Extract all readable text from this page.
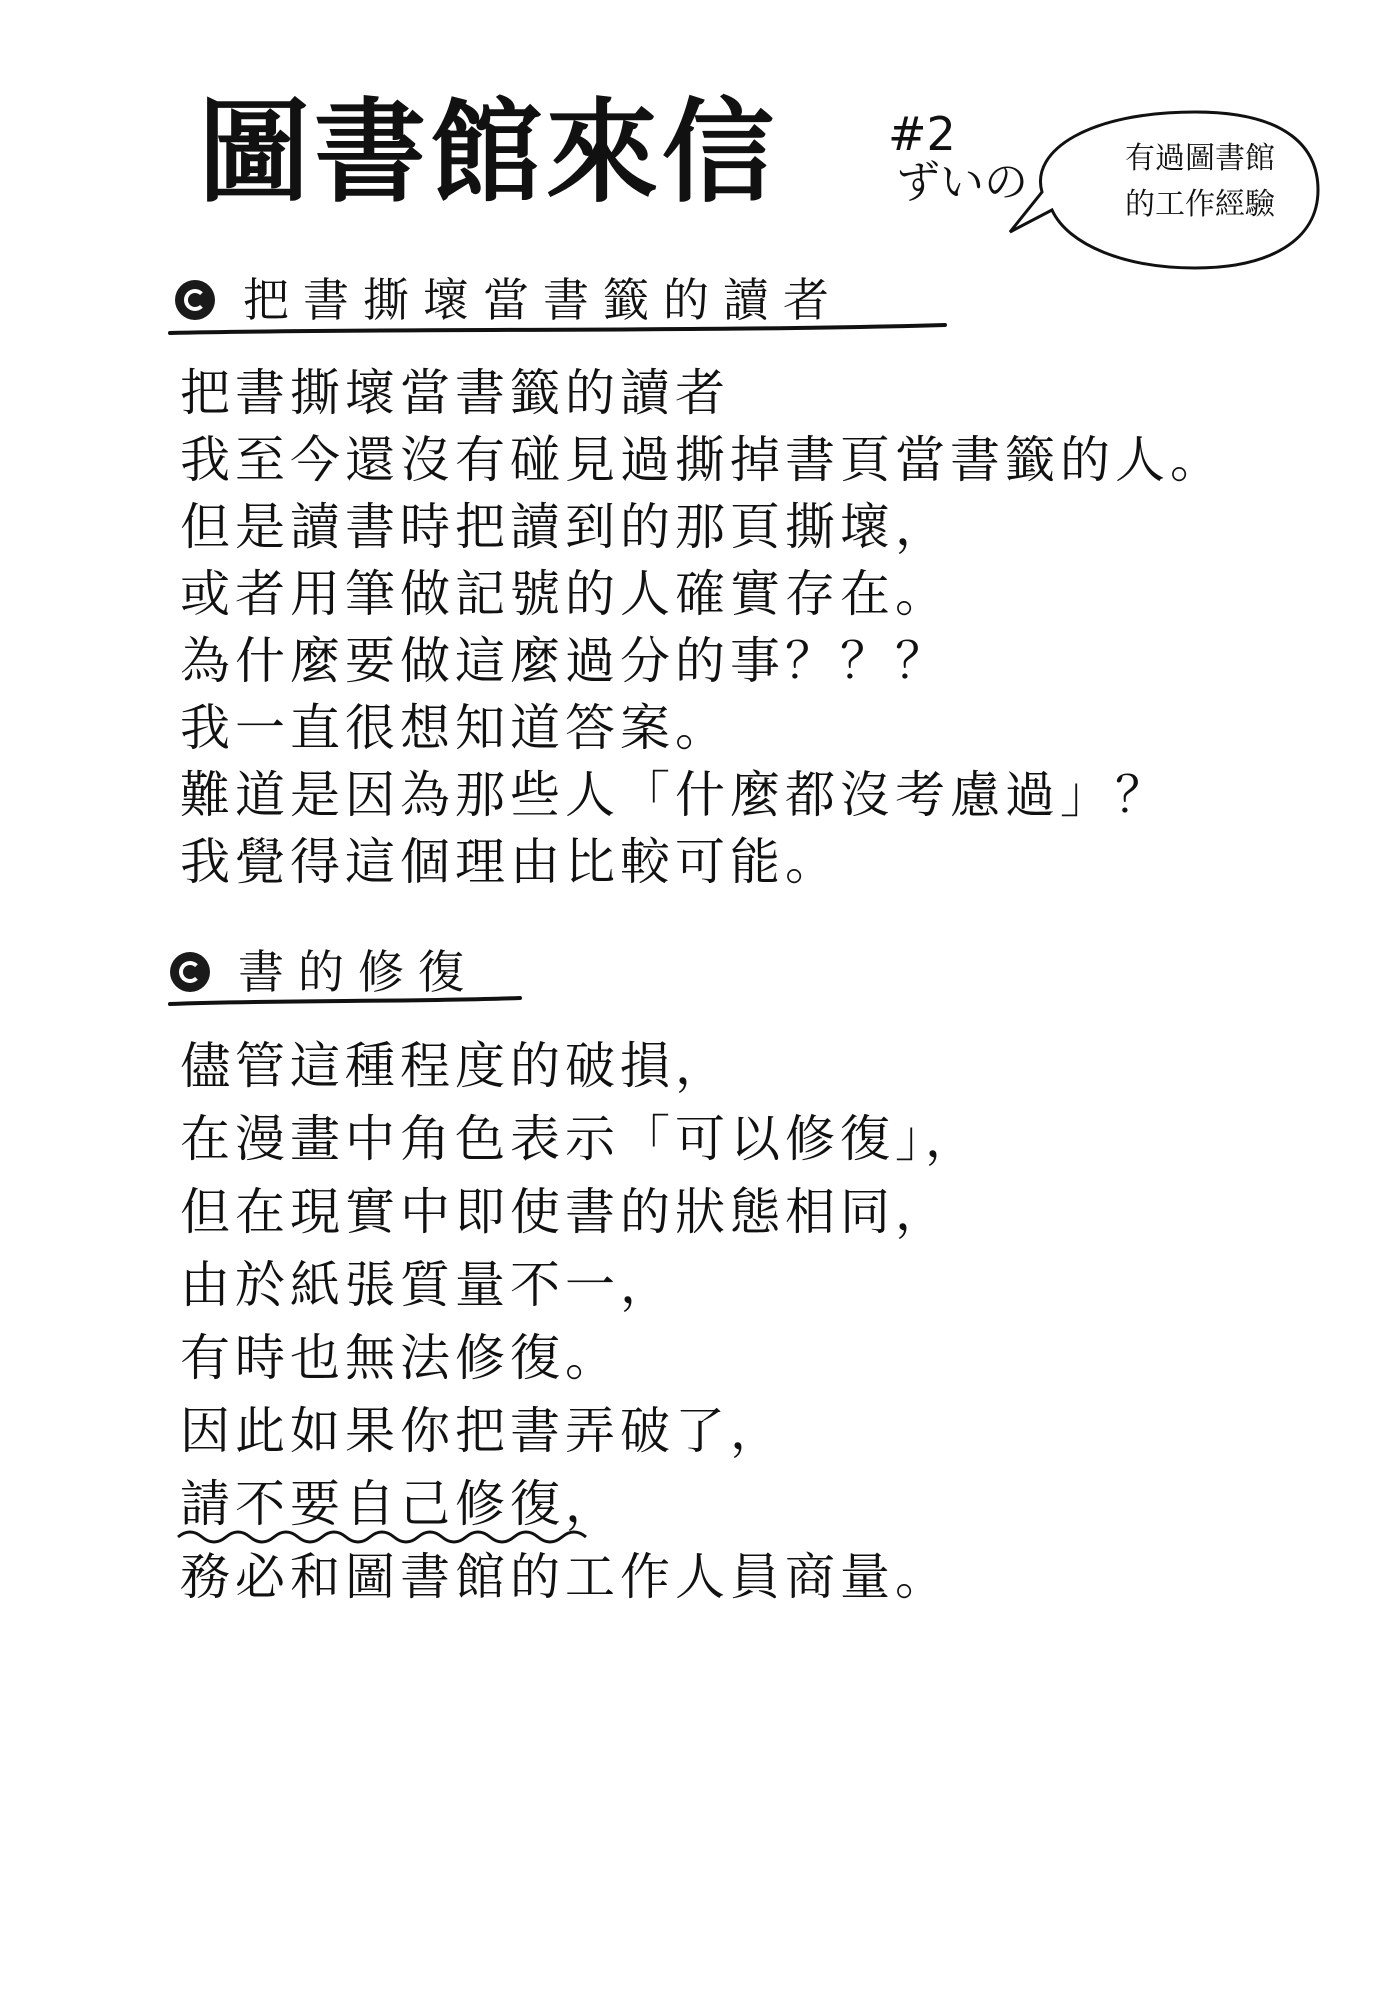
圖書館來信 #2
ずいの	有過圖書館
的工作經驗
把書撕壞當書籤的讀者
把書撕壞當書籤的讀者
我至今還沒有碰見過撕掉書頁當書籤的人。
但是讀書時把讀到的那頁撕壞，
或者用筆做記號的人確實存在。
為什麼要做這麼過分的事？？？
我一直很想知道答案。
難道是因為那些人「什麼都沒考慮過」？
我覺得這個理由比較可能。
書的修復
儘管這種程度的破損，
在漫畫中角色表示「可以修復」，
但在現實中即使書的狀態相同，
由於紙張質量不一，
有時也無法修復。
因此如果你把書弄破了，
請不要自己修復，
務必和圖書館的工作人員商量。
